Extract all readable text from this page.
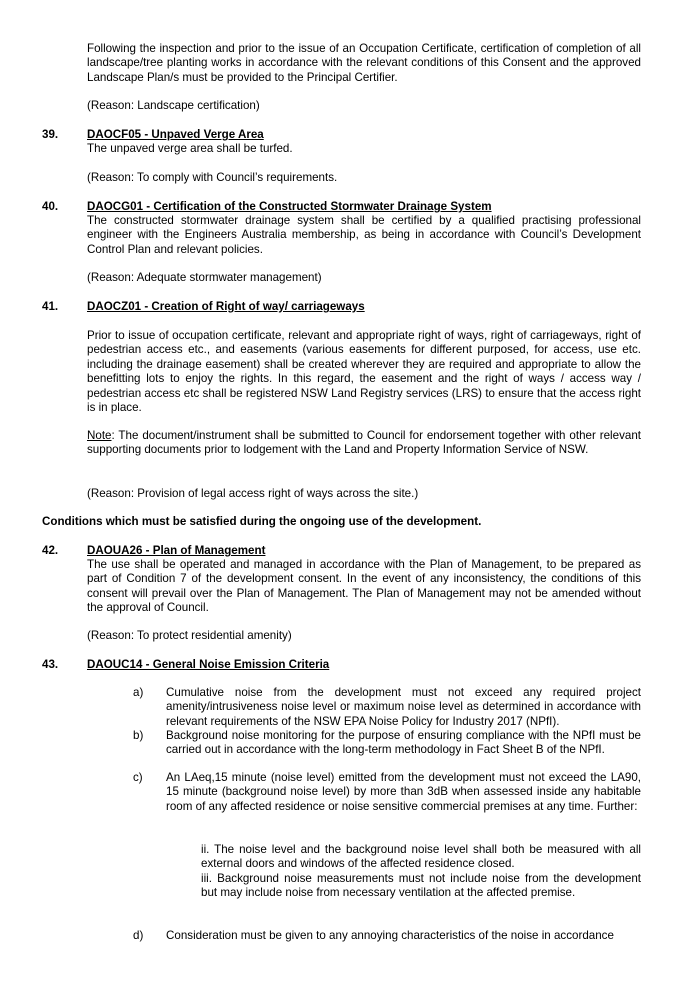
Following the inspection and prior to the issue of an Occupation Certificate, certification of completion of all landscape/tree planting works in accordance with the relevant conditions of this Consent and the approved Landscape Plan/s must be provided to the Principal Certifier.
(Reason: Landscape certification)
39. DAOCF05 - Unpaved Verge Area
The unpaved verge area shall be turfed.
(Reason: To comply with Council’s requirements.
40. DAOCG01 - Certification of the Constructed Stormwater Drainage System
The constructed stormwater drainage system shall be certified by a qualified practising professional engineer with the Engineers Australia membership, as being in accordance with Council’s Development Control Plan and relevant policies.
(Reason: Adequate stormwater management)
41. DAOCZ01 - Creation of Right of way/ carriageways
Prior to issue of occupation certificate, relevant and appropriate right of ways, right of carriageways, right of pedestrian access etc., and easements (various easements for different purposed, for access, use etc. including the drainage easement) shall be created wherever they are required and appropriate to allow the benefitting lots to enjoy the rights. In this regard, the easement and the right of ways / access way / pedestrian access etc shall be registered NSW Land Registry services (LRS) to ensure that the access right is in place.
Note: The document/instrument shall be submitted to Council for endorsement together with other relevant supporting documents prior to lodgement with the Land and Property Information Service of NSW.
(Reason: Provision of legal access right of ways across the site.)
Conditions which must be satisfied during the ongoing use of the development.
42. DAOUA26 - Plan of Management
The use shall be operated and managed in accordance with the Plan of Management, to be prepared as part of Condition 7 of the development consent. In the event of any inconsistency, the conditions of this consent will prevail over the Plan of Management. The Plan of Management may not be amended without the approval of Council.
(Reason: To protect residential amenity)
43. DAOUC14 - General Noise Emission Criteria
a) Cumulative noise from the development must not exceed any required project amenity/intrusiveness noise level or maximum noise level as determined in accordance with relevant requirements of the NSW EPA Noise Policy for Industry 2017 (NPfI).
b) Background noise monitoring for the purpose of ensuring compliance with the NPfI must be carried out in accordance with the long-term methodology in Fact Sheet B of the NPfI.
c) An LAeq,15 minute (noise level) emitted from the development must not exceed the LA90, 15 minute (background noise level) by more than 3dB when assessed inside any habitable room of any affected residence or noise sensitive commercial premises at any time. Further:
ii. The noise level and the background noise level shall both be measured with all external doors and windows of the affected residence closed.
iii. Background noise measurements must not include noise from the development but may include noise from necessary ventilation at the affected premise.
d) Consideration must be given to any annoying characteristics of the noise in accordance
